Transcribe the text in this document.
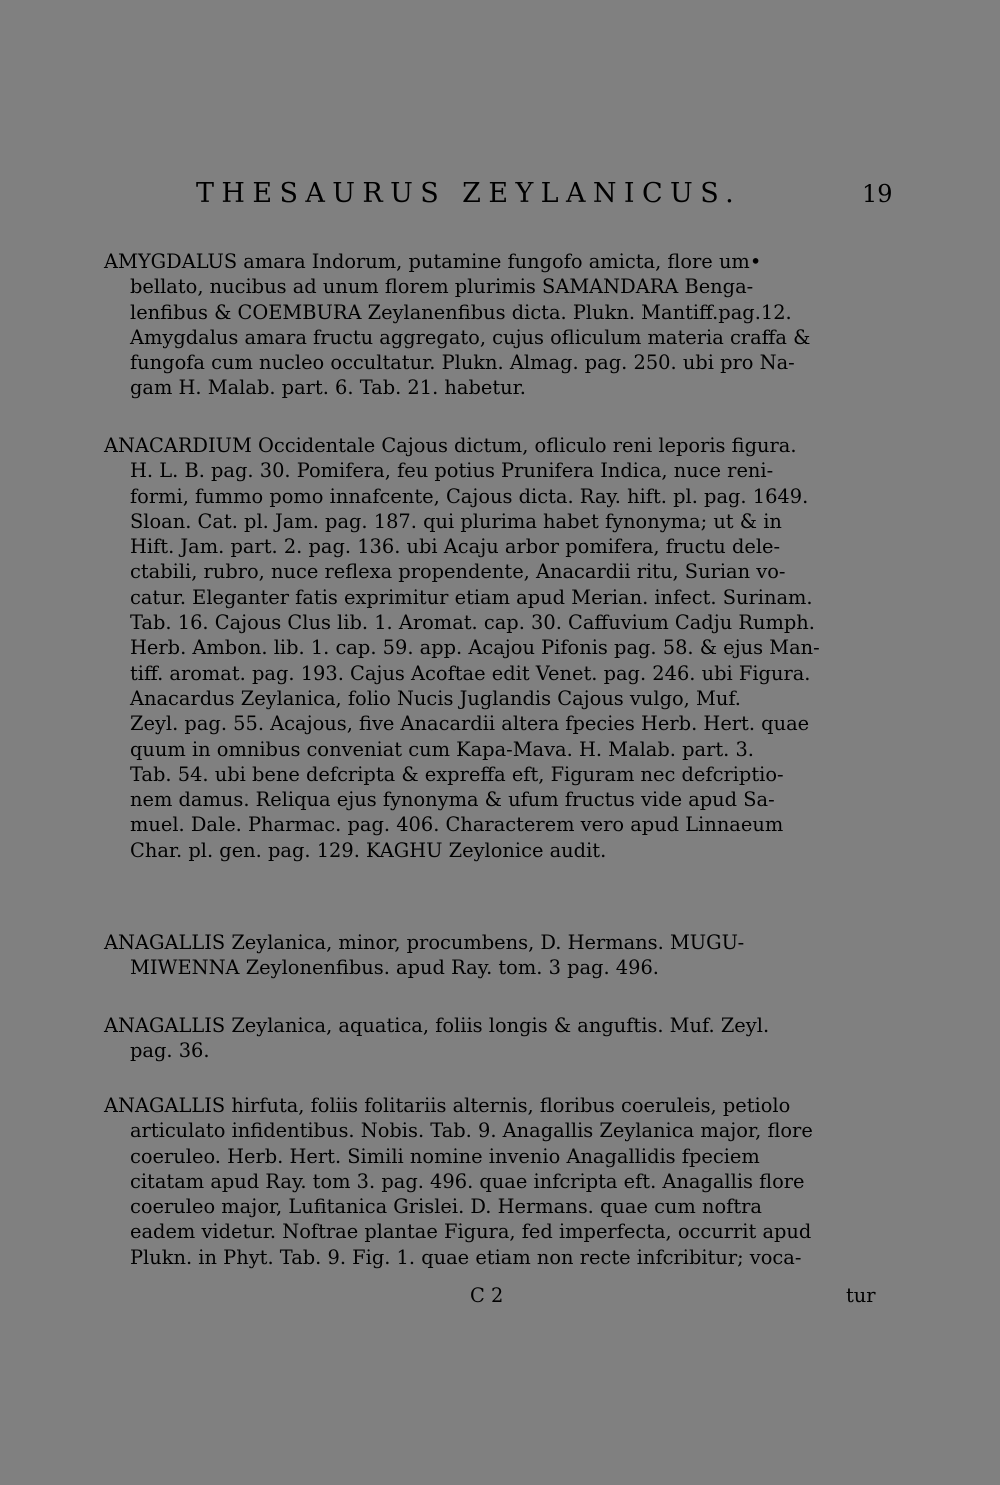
THESAURUS ZEYLANICUS.	19
AMYGDALUS amara Indorum, putamine fungofo amicta, flore um•
bellato, nucibus ad unum florem plurimis SAMANDARA Benga-
lenfibus & COEMBURA Zeylanenfibus dicta. Plukn. Mantiff.pag.12.
Amygdalus amara fructu aggregato, cujus ofliculum materia craffa &
fungofa cum nucleo occultatur. Plukn. Almag. pag. 250. ubi pro Na-
gam H. Malab. part. 6. Tab. 21. habetur.
ANACARDIUM Occidentale Cajous dictum, ofliculo reni leporis figura.
H. L. B. pag. 30. Pomifera, feu potius Prunifera Indica, nuce reni-
formi, fummo pomo innafcente, Cajous dicta. Ray. hift. pl. pag. 1649.
Sloan. Cat. pl. Jam. pag. 187. qui plurima habet fynonyma; ut & in
Hift. Jam. part. 2. pag. 136. ubi Acaju arbor pomifera, fructu dele-
ctabili, rubro, nuce reflexa propendente, Anacardii ritu, Surian vo-
catur. Eleganter fatis exprimitur etiam apud Merian. infect. Surinam.
Tab. 16. Cajous Clus lib. 1. Aromat. cap. 30. Caffuvium Cadju Rumph.
Herb. Ambon. lib. 1. cap. 59. app. Acajou Pifonis pag. 58. & ejus Man-
tiff. aromat. pag. 193. Cajus Acoftae edit Venet. pag. 246. ubi Figura.
Anacardus Zeylanica, folio Nucis Juglandis Cajous vulgo, Muf.
Zeyl. pag. 55. Acajous, five Anacardii altera fpecies Herb. Hert. quae
quum in omnibus conveniat cum Kapa-Mava. H. Malab. part. 3.
Tab. 54. ubi bene defcripta & expreffa eft, Figuram nec defcriptio-
nem damus. Reliqua ejus fynonyma & ufum fructus vide apud Sa-
muel. Dale. Pharmac. pag. 406. Characterem vero apud Linnaeum
Char. pl. gen. pag. 129. KAGHU Zeylonice audit.
ANAGALLIS Zeylanica, minor, procumbens, D. Hermans. MUGU-
MIWENNA Zeylonenfibus. apud Ray. tom. 3 pag. 496.
ANAGALLIS Zeylanica, aquatica, foliis longis & anguftis. Muf. Zeyl.
pag. 36.
ANAGALLIS hirfuta, foliis folitariis alternis, floribus coeruleis, petiolo
articulato infidentibus. Nobis. Tab. 9. Anagallis Zeylanica major, flore
coeruleo. Herb. Hert. Simili nomine invenio Anagallidis fpeciem
citatam apud Ray. tom 3. pag. 496. quae infcripta eft. Anagallis flore
coeruleo major, Lufitanica Grislei. D. Hermans. quae cum noftra
eadem videtur. Noftrae plantae Figura, fed imperfecta, occurrit apud
Plukn. in Phyt. Tab. 9. Fig. 1. quae etiam non recte infcribitur; voca-
C 2	tur
